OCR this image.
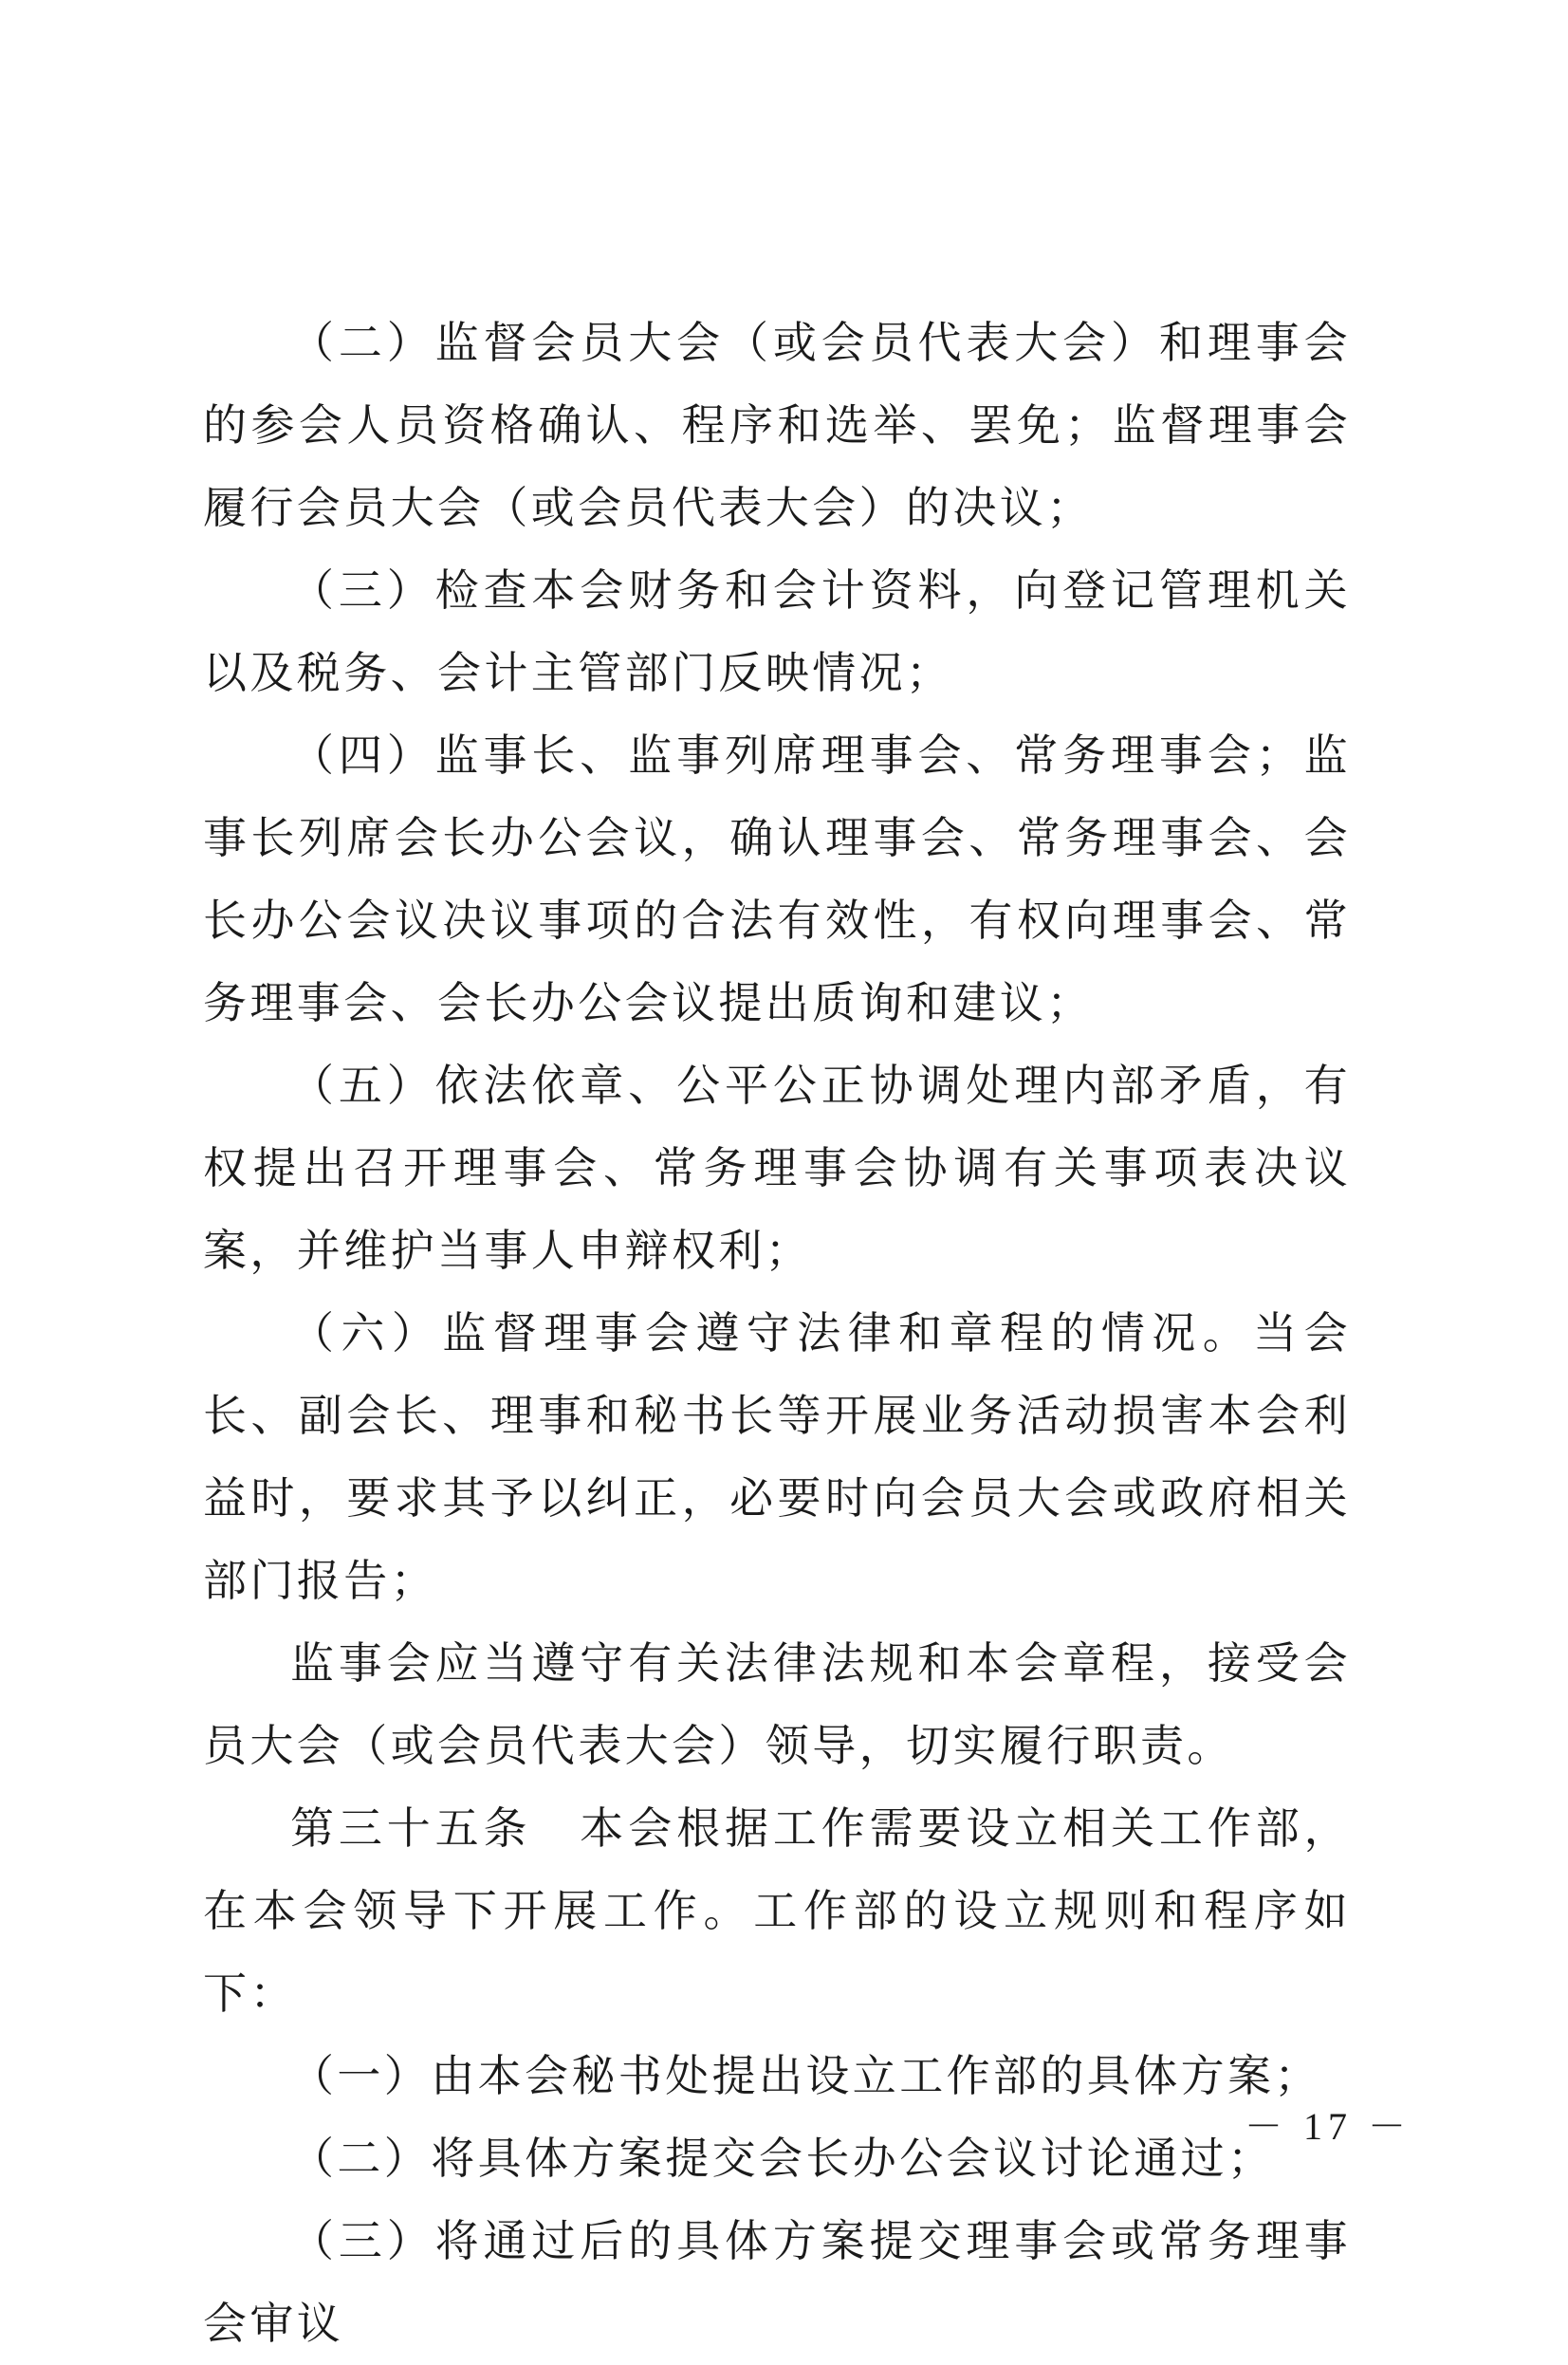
（二）监督会员大会（或会员代表大会）和理事会的参会人员资格确认、程序和选举、罢免；监督理事会履行会员大会（或会员代表大会）的决议；

（三）检查本会财务和会计资料，向登记管理机关以及税务、会计主管部门反映情况；

（四）监事长、监事列席理事会、常务理事会；监事长列席会长办公会议，确认理事会、常务理事会、会长办公会议决议事项的合法有效性，有权向理事会、常务理事会、会长办公会议提出质询和建议；

（五）依法依章、公平公正协调处理内部矛盾，有权提出召开理事会、常务理事会协调有关事项表决议案，并维护当事人申辩权利；

（六）监督理事会遵守法律和章程的情况。当会长、副会长、理事和秘书长等开展业务活动损害本会利益时，要求其予以纠正，必要时向会员大会或政府相关部门报告；

监事会应当遵守有关法律法规和本会章程，接受会员大会（或会员代表大会）领导，切实履行职责。

第三十五条　本会根据工作需要设立相关工作部，在本会领导下开展工作。工作部的设立规则和程序如下：

（一）由本会秘书处提出设立工作部的具体方案；

（二）将具体方案提交会长办公会议讨论通过；

（三）将通过后的具体方案提交理事会或常务理事会审议

－ 17 －
